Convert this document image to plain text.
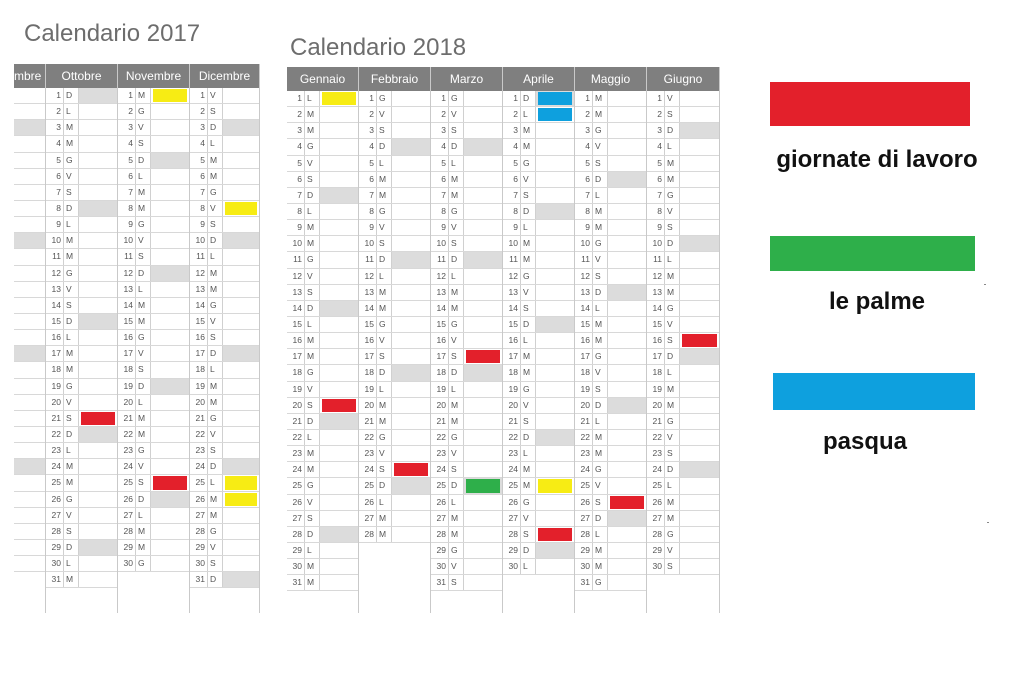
Calendario 2017
Calendario 2018
mbre	Ottobre
1 D
2 L
3 M
4 M
5 G
6 V
7 S
8 D
9 L
10 M
11 M
12 G
13 V
14 S
15 D
16 L
17 M
18 M
19 G
20 V
21 S
22 D
23 L
24 M
25 M
26 G
27 V
28 S
29 D
30 L
31 M
Novembre
1 M
2 G
3 V
4 S
5 D
6 L
7 M
8 M
9 G
10 V
11 S
12 D
13 L
14 M
15 M
16 G
17 V
18 S
19 D
20 L
21 M
22 M
23 G
24 V
25 S
26 D
27 L
28 M
29 M
30 G
Dicembre
1 V
2 S
3 D
4 L
5 M
6 M
7 G
8 V
9 S
10 D
11 L
12 M
13 M
14 G
15 V
16 S
17 D
18 L
19 M
20 M
21 G
22 V
23 S
24 D
25 L
26 M
27 M
28 G
29 V
30 S
31 D
Gennaio
1 L
2 M
3 M
4 G
5 V
6 S
7 D
8 L
9 M
10 M
11 G
12 V
13 S
14 D
15 L
16 M
17 M
18 G
19 V
20 S
21 D
22 L
23 M
24 M
25 G
26 V
27 S
28 D
29 L
30 M
31 M
Febbraio
1 G
2 V
3 S
4 D
5 L
6 M
7 M
8 G
9 V
10 S
11 D
12 L
13 M
14 M
15 G
16 V
17 S
18 D
19 L
20 M
21 M
22 G
23 V
24 S
25 D
26 L
27 M
28 M
Marzo
1 G
2 V
3 S
4 D
5 L
6 M
7 M
8 G
9 V
10 S
11 D
12 L
13 M
14 M
15 G
16 V
17 S
18 D
19 L
20 M
21 M
22 G
23 V
24 S
25 D
26 L
27 M
28 M
29 G
30 V
31 S
Aprile
1 D
2 L
3 M
4 M
5 G
6 V
7 S
8 D
9 L
10 M
11 M
12 G
13 V
14 S
15 D
16 L
17 M
18 M
19 G
20 V
21 S
22 D
23 L
24 M
25 M
26 G
27 V
28 S
29 D
30 L
Maggio
1 M
2 M
3 G
4 V
5 S
6 D
7 L
8 M
9 M
10 G
11 V
12 S
13 D
14 L
15 M
16 M
17 G
18 V
19 S
20 D
21 L
22 M
23 M
24 G
25 V
26 S
27 D
28 L
29 M
30 M
31 G
Giugno
1 V
2 S
3 D
4 L
5 M
6 M
7 G
8 V
9 S
10 D
11 L
12 M
13 M
14 G
15 V
16 S
17 D
18 L
19 M
20 M
21 G
22 V
23 S
24 D
25 L
26 M
27 M
28 G
29 V
30 S
giornate di lavoro
le palme
pasqua
